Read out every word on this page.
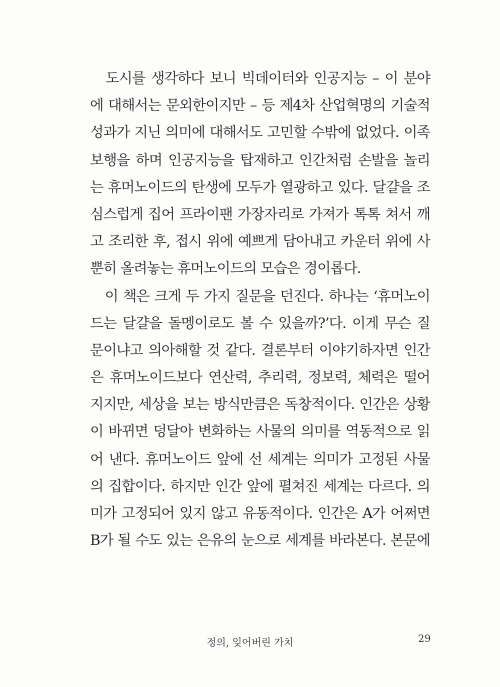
　도시를 생각하다 보니 빅데이터와 인공지능 – 이 분야
에 대해서는 문외한이지만 – 등 제4차 산업혁명의 기술적
성과가 지닌 의미에 대해서도 고민할 수밖에 없었다. 이족
보행을 하며 인공지능을 탑재하고 인간처럼 손발을 놀리
는 휴머노이드의 탄생에 모두가 열광하고 있다. 달걀을 조
심스럽게 집어 프라이팬 가장자리로 가져가 톡톡 쳐서 깨
고 조리한 후, 접시 위에 예쁘게 담아내고 카운터 위에 사
뿐히 올려놓는 휴머노이드의 모습은 경이롭다.
　이 책은 크게 두 가지 질문을 던진다. 하나는 ‘휴머노이
드는 달걀을 돌멩이로도 볼 수 있을까?’다. 이게 무슨 질
문이냐고 의아해할 것 같다. 결론부터 이야기하자면 인간
은 휴머노이드보다 연산력, 추리력, 정보력, 체력은 떨어
지지만, 세상을 보는 방식만큼은 독창적이다. 인간은 상황
이 바뀌면 덩달아 변화하는 사물의 의미를 역동적으로 읽
어 낸다. 휴머노이드 앞에 선 세계는 의미가 고정된 사물
의 집합이다. 하지만 인간 앞에 펼쳐진 세계는 다르다. 의
미가 고정되어 있지 않고 유동적이다. 인간은 A가 어쩌면
B가 될 수도 있는 은유의 눈으로 세계를 바라본다. 본문에
정의, 잊어버린 가치	29
